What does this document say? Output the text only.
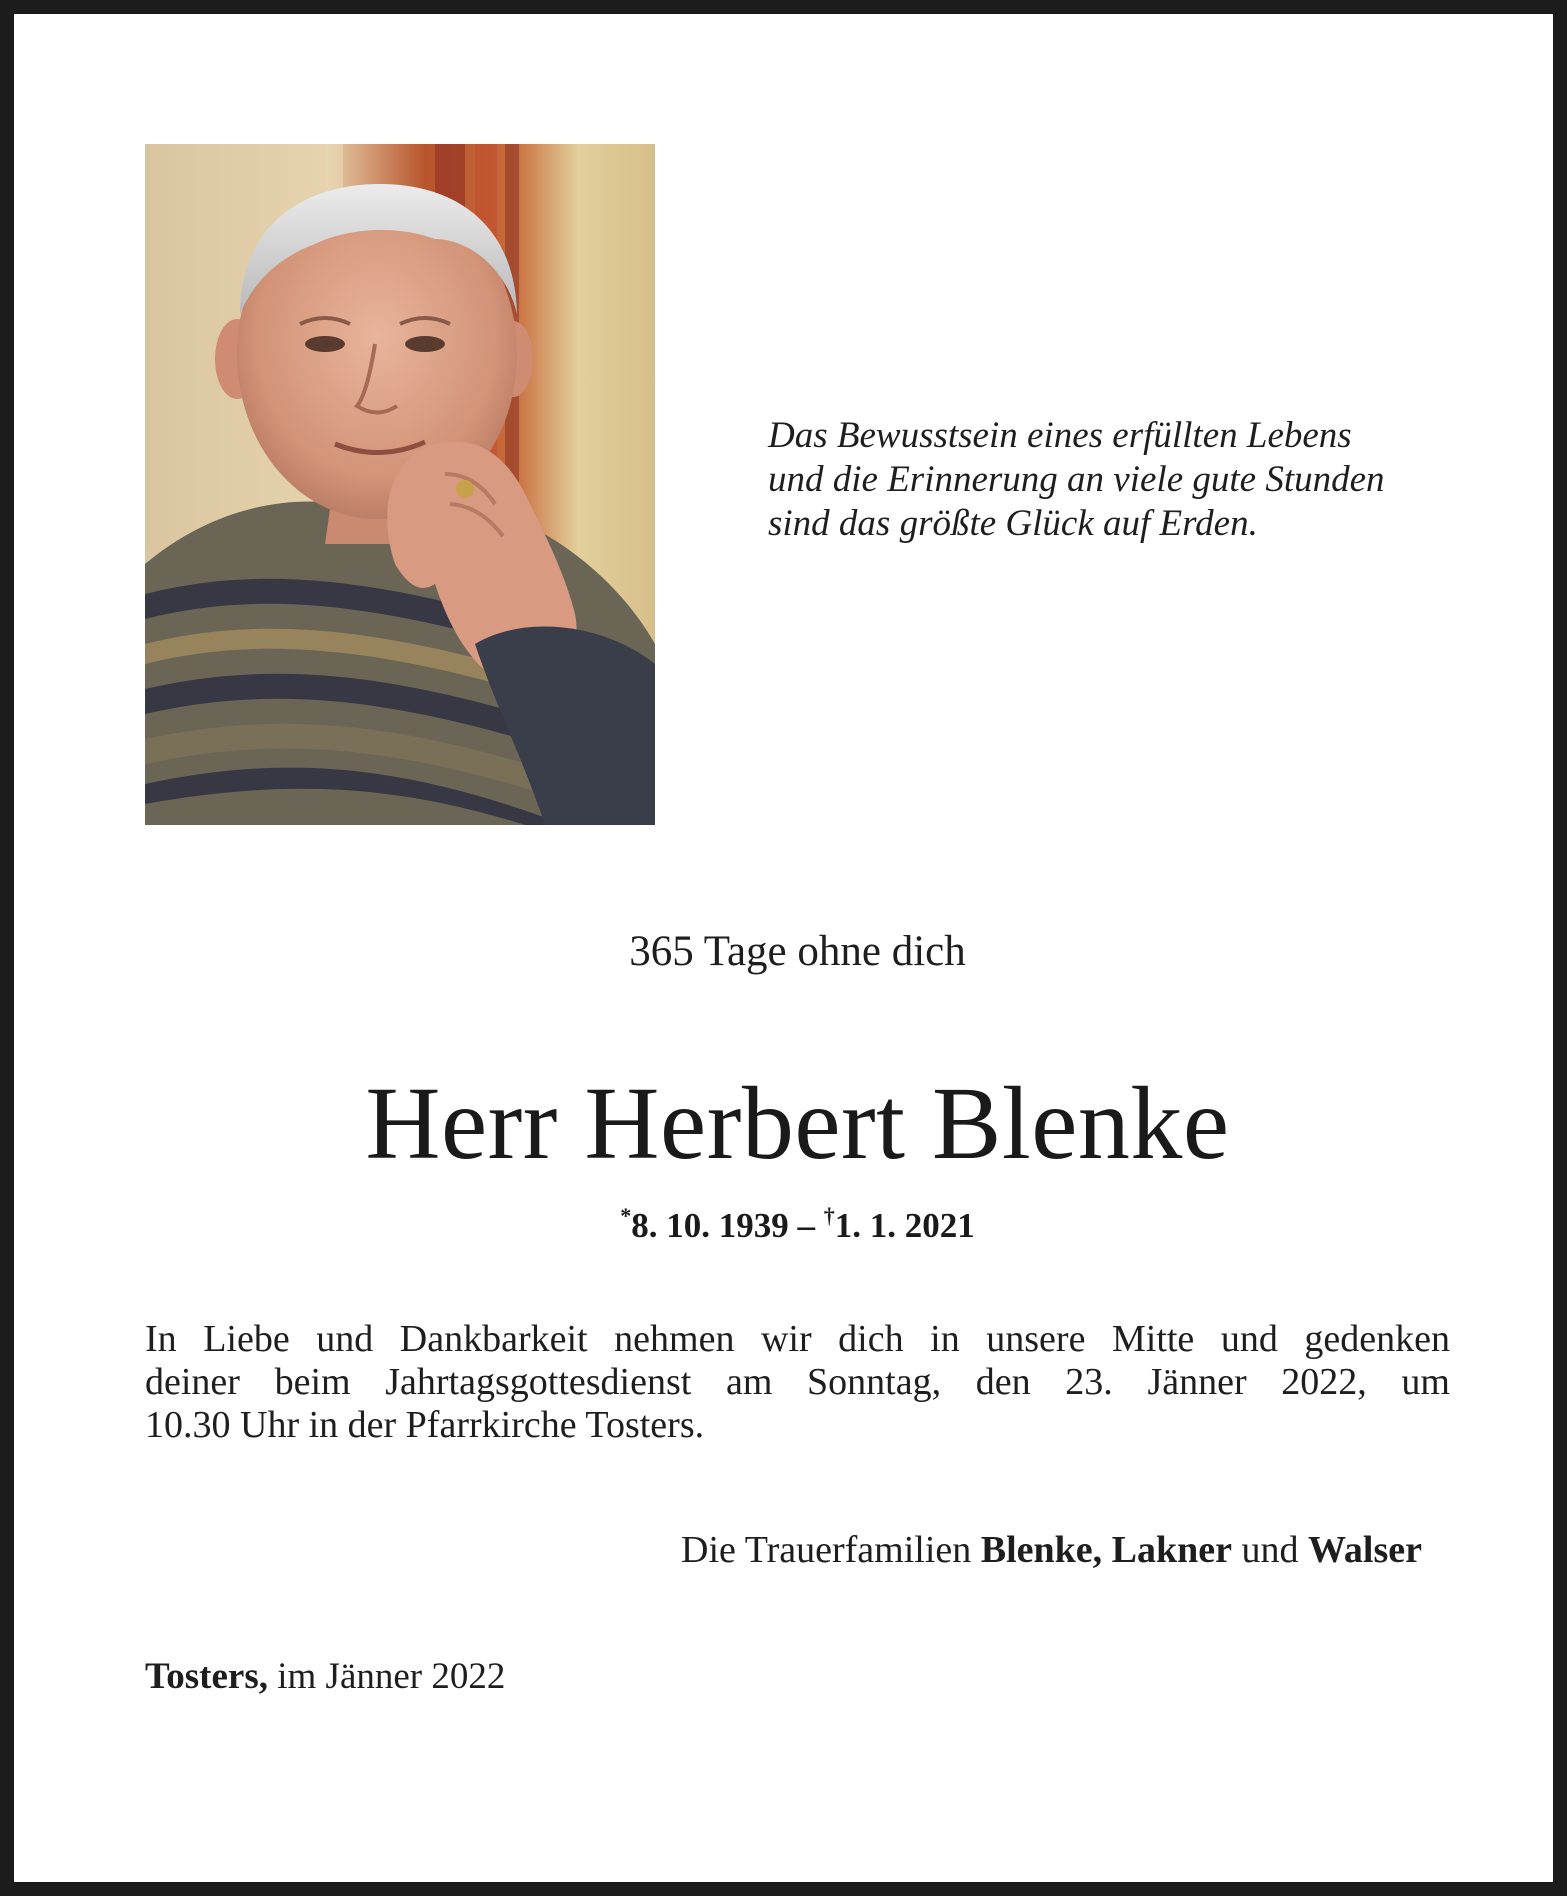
Das Bewusstsein eines erfüllten Lebens
und die Erinnerung an viele gute Stunden
sind das größte Glück auf Erden.
365 Tage ohne dich
Herr Herbert Blenke
*8. 10. 1939 – †1. 1. 2021
In Liebe und Dankbarkeit nehmen wir dich in unsere Mitte und gedenken
deiner beim Jahrtagsgottesdienst am Sonntag, den 23. Jänner 2022, um
10.30 Uhr in der Pfarrkirche Tosters.
Die Trauerfamilien Blenke, Lakner und Walser
Tosters, im Jänner 2022
